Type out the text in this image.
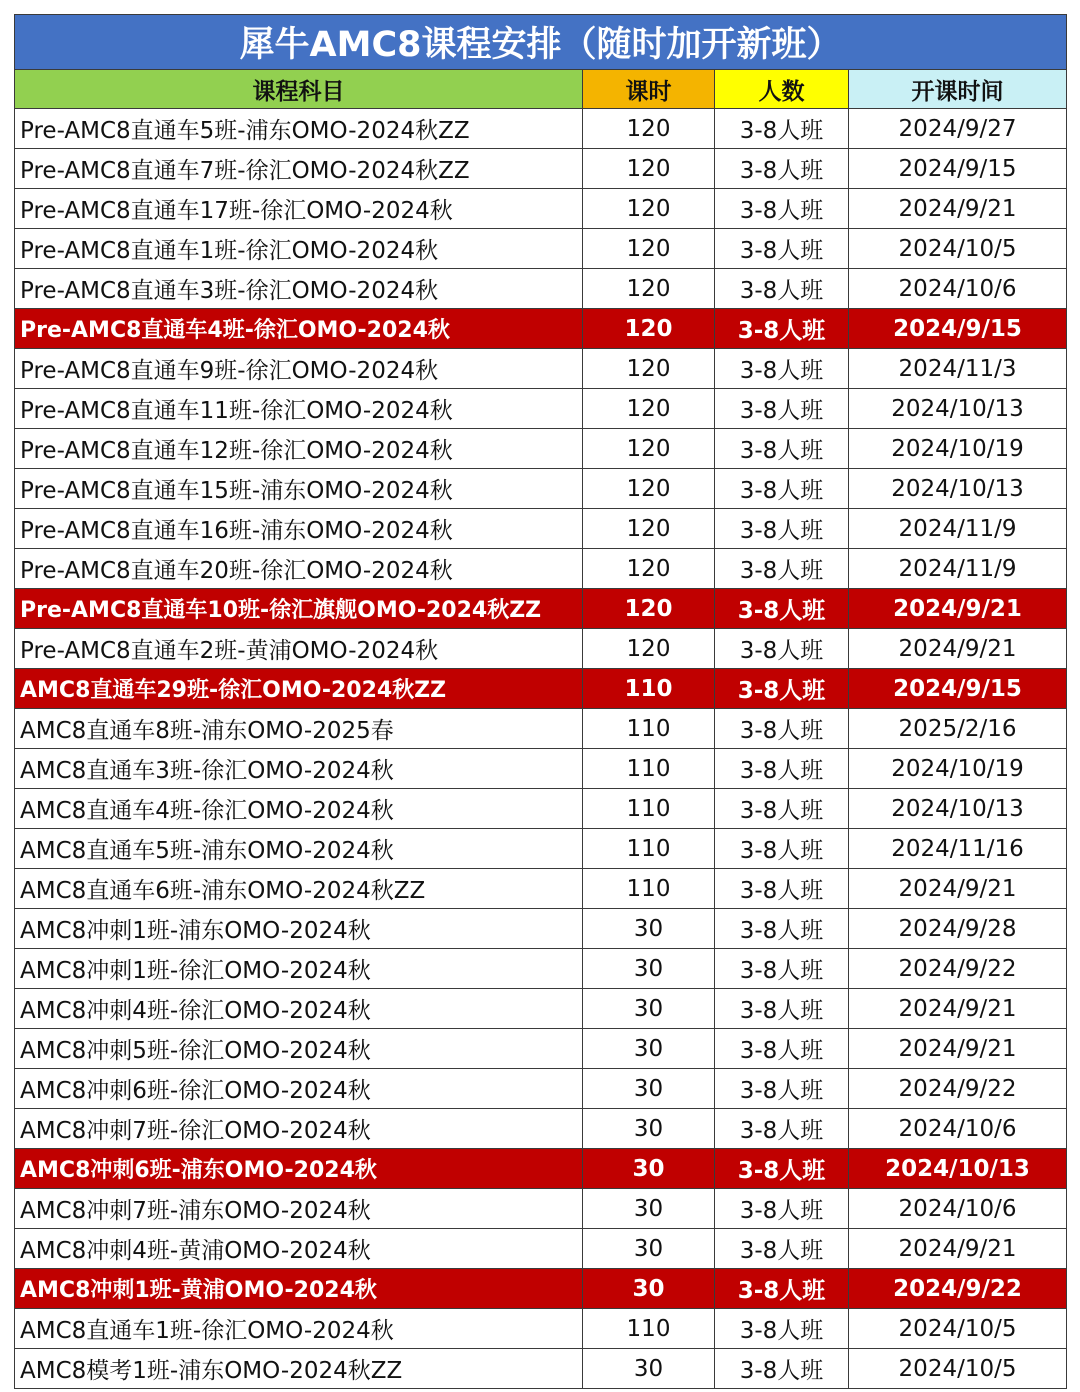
犀牛AMC8课程安排（随时加开新班）			
课程科目	课时	人数	开课时间
Pre-AMC8直通车5班-浦东OMO-2024秋ZZ	120	3-8人班	2024/9/27
Pre-AMC8直通车7班-徐汇OMO-2024秋ZZ	120	3-8人班	2024/9/15
Pre-AMC8直通车17班-徐汇OMO-2024秋	120	3-8人班	2024/9/21
Pre-AMC8直通车1班-徐汇OMO-2024秋	120	3-8人班	2024/10/5
Pre-AMC8直通车3班-徐汇OMO-2024秋	120	3-8人班	2024/10/6
Pre-AMC8直通车4班-徐汇OMO-2024秋	120	3-8人班	2024/9/15
Pre-AMC8直通车9班-徐汇OMO-2024秋	120	3-8人班	2024/11/3
Pre-AMC8直通车11班-徐汇OMO-2024秋	120	3-8人班	2024/10/13
Pre-AMC8直通车12班-徐汇OMO-2024秋	120	3-8人班	2024/10/19
Pre-AMC8直通车15班-浦东OMO-2024秋	120	3-8人班	2024/10/13
Pre-AMC8直通车16班-浦东OMO-2024秋	120	3-8人班	2024/11/9
Pre-AMC8直通车20班-徐汇OMO-2024秋	120	3-8人班	2024/11/9
Pre-AMC8直通车10班-徐汇旗舰OMO-2024秋ZZ	120	3-8人班	2024/9/21
Pre-AMC8直通车2班-黄浦OMO-2024秋	120	3-8人班	2024/9/21
AMC8直通车29班-徐汇OMO-2024秋ZZ	110	3-8人班	2024/9/15
AMC8直通车8班-浦东OMO-2025春	110	3-8人班	2025/2/16
AMC8直通车3班-徐汇OMO-2024秋	110	3-8人班	2024/10/19
AMC8直通车4班-徐汇OMO-2024秋	110	3-8人班	2024/10/13
AMC8直通车5班-浦东OMO-2024秋	110	3-8人班	2024/11/16
AMC8直通车6班-浦东OMO-2024秋ZZ	110	3-8人班	2024/9/21
AMC8冲刺1班-浦东OMO-2024秋	30	3-8人班	2024/9/28
AMC8冲刺1班-徐汇OMO-2024秋	30	3-8人班	2024/9/22
AMC8冲刺4班-徐汇OMO-2024秋	30	3-8人班	2024/9/21
AMC8冲刺5班-徐汇OMO-2024秋	30	3-8人班	2024/9/21
AMC8冲刺6班-徐汇OMO-2024秋	30	3-8人班	2024/9/22
AMC8冲刺7班-徐汇OMO-2024秋	30	3-8人班	2024/10/6
AMC8冲刺6班-浦东OMO-2024秋	30	3-8人班	2024/10/13
AMC8冲刺7班-浦东OMO-2024秋	30	3-8人班	2024/10/6
AMC8冲刺4班-黄浦OMO-2024秋	30	3-8人班	2024/9/21
AMC8冲刺1班-黄浦OMO-2024秋	30	3-8人班	2024/9/22
AMC8直通车1班-徐汇OMO-2024秋	110	3-8人班	2024/10/5
AMC8模考1班-浦东OMO-2024秋ZZ	30	3-8人班	2024/10/5
